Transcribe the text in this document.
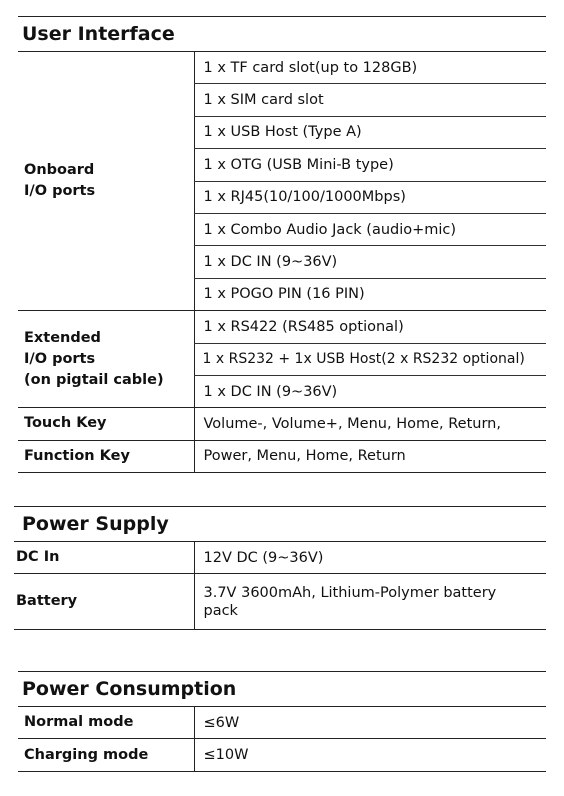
User Interface	
Onboard
I/O ports	1 x TF card slot(up to 128GB)
	1 x SIM card slot
	1 x USB Host (Type A)
	1 x OTG (USB Mini-B type)
	1 x RJ45(10/100/1000Mbps)
	1 x Combo Audio Jack (audio+mic)
	1 x DC IN (9~36V)
	1 x POGO PIN (16 PIN)
Extended
I/O ports
(on pigtail cable)	1 x RS422 (RS485 optional)
	1 x RS232 + 1x USB Host(2 x RS232 optional)
	1 x DC IN (9~36V)
Touch Key	Volume-, Volume+, Menu, Home, Return,
Function Key	Power, Menu, Home, Return
Power Supply	
DC In	12V DC (9~36V)
Battery	3.7V 3600mAh, Lithium-Polymer battery pack
Power Consumption	
Normal mode	≤6W
Charging mode	≤10W
